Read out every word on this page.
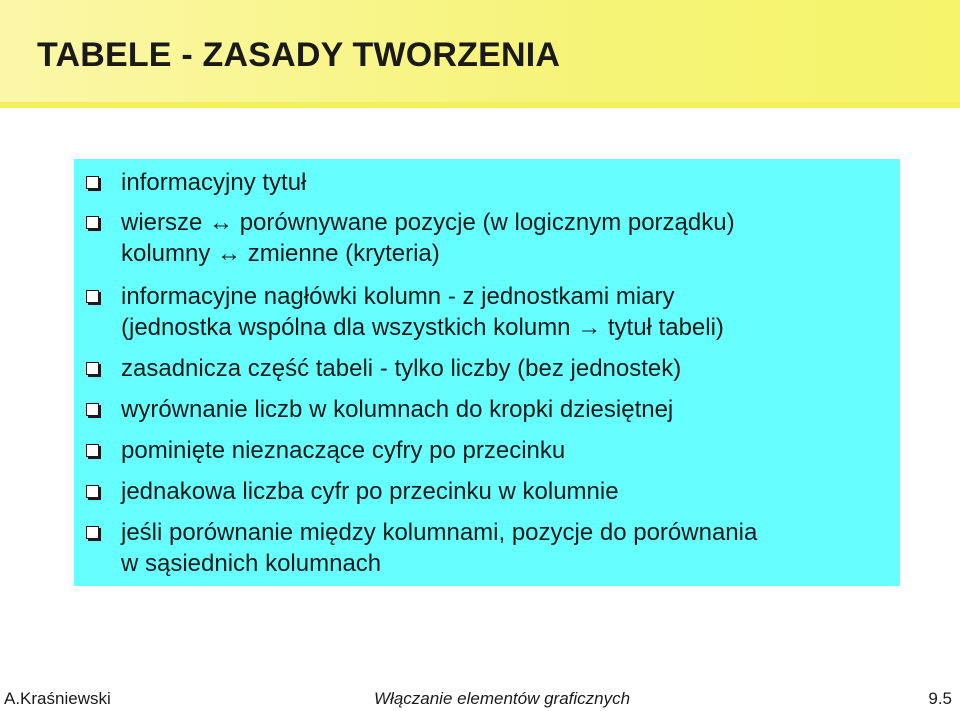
TABELE - ZASADY TWORZENIA
informacyjny tytuł
wiersze ↔ porównywane pozycje (w logicznym porządku)
kolumny ↔ zmienne (kryteria)
informacyjne nagłówki kolumn - z jednostkami miary
(jednostka wspólna dla wszystkich kolumn → tytuł tabeli)
zasadnicza część tabeli - tylko liczby (bez jednostek)
wyrównanie liczb w kolumnach do kropki dziesiętnej
pominięte nieznaczące cyfry po przecinku
jednakowa liczba cyfr po przecinku w kolumnie
jeśli porównanie między kolumnami, pozycje do porównania
w sąsiednich kolumnach
A.Kraśniewski	Włączanie elementów graficznych	9.5
